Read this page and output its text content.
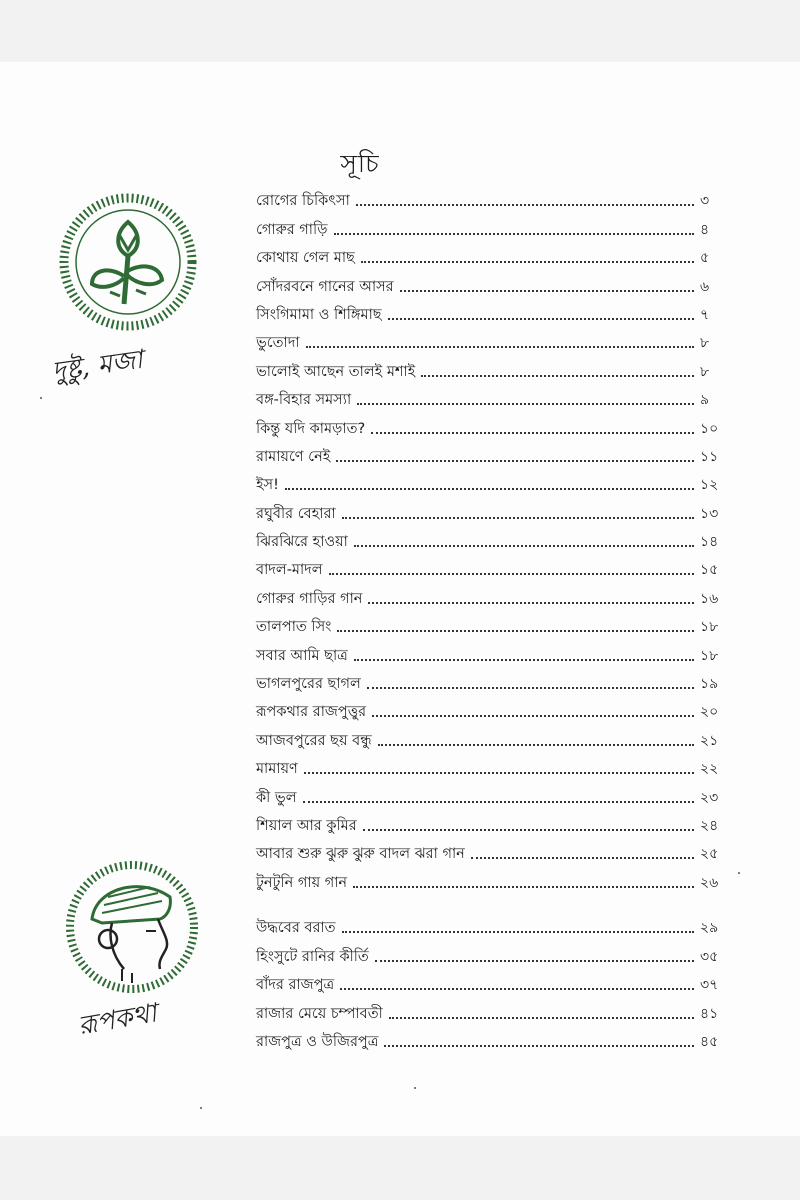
সূচি
দুষ্টু, মজা
রূপকথা
রোগের চিকিৎসা	৩
গোরুর গাড়ি	৪
কোথায় গেল মাছ	৫
সোঁদরবনে গানের আসর	৬
সিংগিমামা ও শিঙ্গিমাছ	৭
ভুতোদা	৮
ভালোই আছেন তালই মশাই	৮
বঙ্গ-বিহার সমস্যা	৯
কিন্তু যদি কামড়াত?	১০
রামায়ণে নেই	১১
ইস!	১২
রঘুবীর বেহারা	১৩
ঝিরঝিরে হাওয়া	১৪
বাদল-মাদল	১৫
গোরুর গাড়ির গান	১৬
তালপাত সিং	১৮
সবার আমি ছাত্র	১৮
ভাগলপুরের ছাগল	১৯
রূপকথার রাজপুত্তুর	২০
আজবপুরের ছয় বন্ধু	২১
মামায়ণ	২২
কী ভুল	২৩
শিয়াল আর কুমির	২৪
আবার শুরু ঝুরু ঝুরু বাদল ঝরা গান	২৫
টুনটুনি গায় গান	২৬
উদ্ধবের বরাত	২৯
হিংসুটে রানির কীর্তি	৩৫
বাঁদর রাজপুত্র	৩৭
রাজার মেয়ে চম্পাবতী	৪১
রাজপুত্র ও উজিরপুত্র	৪৫
